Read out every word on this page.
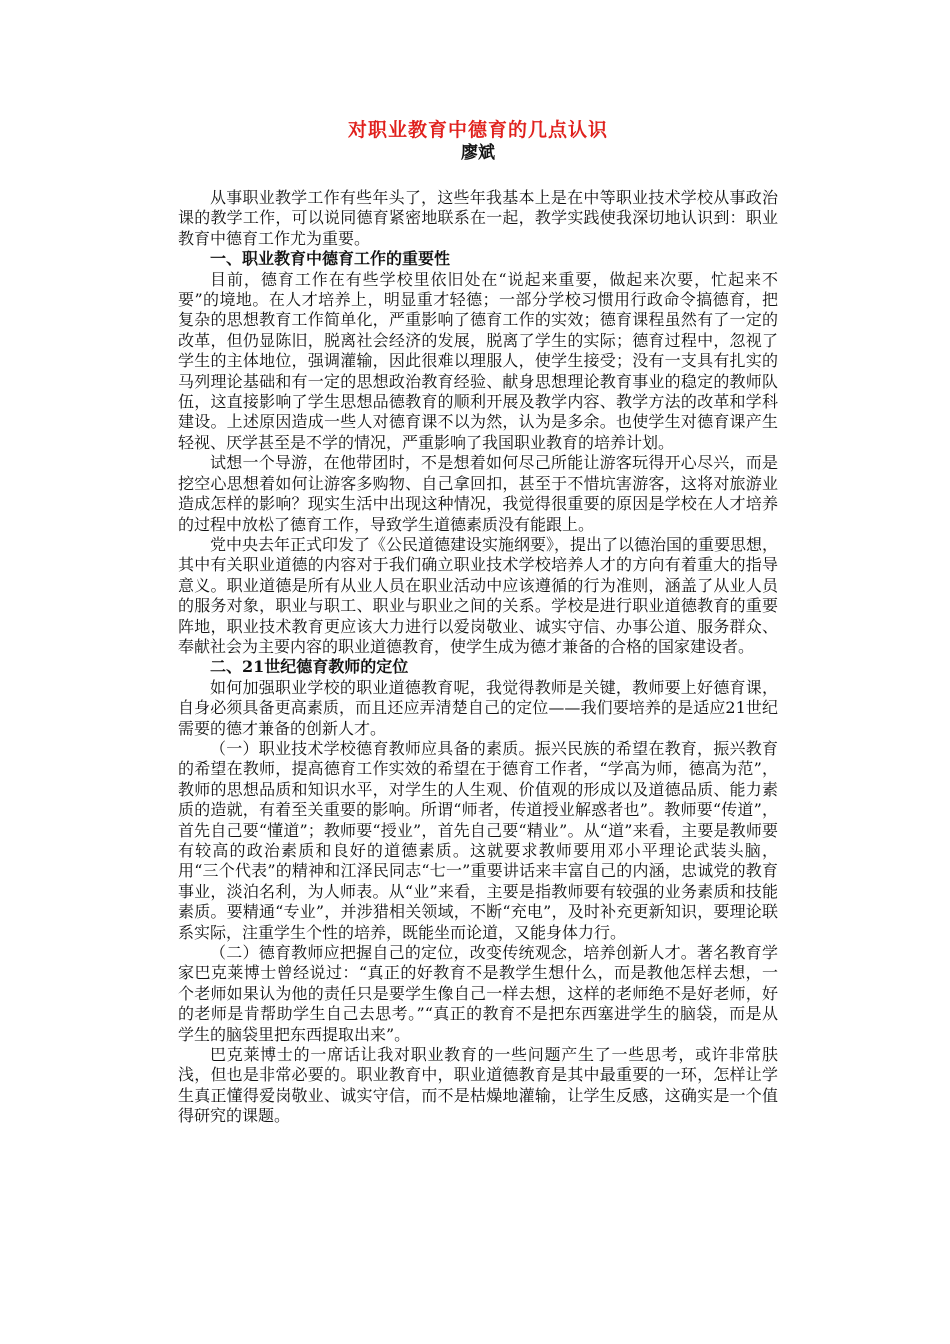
对职业教育中德育的几点认识
廖斌

从事职业教学工作有些年头了，这些年我基本上是在中等职业技术学校从事政治课的教学工作，可以说同德育紧密地联系在一起，教学实践使我深切地认识到：职业教育中德育工作尤为重要。

一、职业教育中德育工作的重要性

目前，德育工作在有些学校里依旧处在“说起来重要，做起来次要，忙起来不要”的境地。在人才培养上，明显重才轻德；一部分学校习惯用行政命令搞德育，把复杂的思想教育工作简单化，严重影响了德育工作的实效；德育课程虽然有了一定的改革，但仍显陈旧，脱离社会经济的发展，脱离了学生的实际；德育过程中，忽视了学生的主体地位，强调灌输，因此很难以理服人，使学生接受；没有一支具有扎实的马列理论基础和有一定的思想政治教育经验、献身思想理论教育事业的稳定的教师队伍，这直接影响了学生思想品德教育的顺利开展及教学内容、教学方法的改革和学科建设。上述原因造成一些人对德育课不以为然，认为是多余。也使学生对德育课产生轻视、厌学甚至是不学的情况，严重影响了我国职业教育的培养计划。

试想一个导游，在他带团时，不是想着如何尽己所能让游客玩得开心尽兴，而是挖空心思想着如何让游客多购物、自己拿回扣，甚至于不惜坑害游客，这将对旅游业造成怎样的影响？现实生活中出现这种情况，我觉得很重要的原因是学校在人才培养的过程中放松了德育工作，导致学生道德素质没有能跟上。

党中央去年正式印发了《公民道德建设实施纲要》，提出了以德治国的重要思想，其中有关职业道德的内容对于我们确立职业技术学校培养人才的方向有着重大的指导意义。职业道德是所有从业人员在职业活动中应该遵循的行为准则，涵盖了从业人员的服务对象，职业与职工、职业与职业之间的关系。学校是进行职业道德教育的重要阵地，职业技术教育更应该大力进行以爱岗敬业、诚实守信、办事公道、服务群众、奉献社会为主要内容的职业道德教育，使学生成为德才兼备的合格的国家建设者。

二、21世纪德育教师的定位

如何加强职业学校的职业道德教育呢，我觉得教师是关键，教师要上好德育课，自身必须具备更高素质，而且还应弄清楚自己的定位——我们要培养的是适应21世纪需要的德才兼备的创新人才。

（一）职业技术学校德育教师应具备的素质。振兴民族的希望在教育，振兴教育的希望在教师，提高德育工作实效的希望在于德育工作者，“学高为师，德高为范”，教师的思想品质和知识水平，对学生的人生观、价值观的形成以及道德品质、能力素质的造就，有着至关重要的影响。所谓“师者，传道授业解惑者也”。教师要“传道”，首先自己要“懂道”；教师要“授业”，首先自己要“精业”。从“道”来看，主要是教师要有较高的政治素质和良好的道德素质。这就要求教师要用邓小平理论武装头脑，用“三个代表”的精神和江泽民同志“七一”重要讲话来丰富自己的内涵，忠诚党的教育事业，淡泊名利，为人师表。从“业”来看，主要是指教师要有较强的业务素质和技能素质。要精通“专业”，并涉猎相关领域，不断“充电”，及时补充更新知识，要理论联系实际，注重学生个性的培养，既能坐而论道，又能身体力行。

（二）德育教师应把握自己的定位，改变传统观念，培养创新人才。著名教育学家巴克莱博士曾经说过：“真正的好教育不是教学生想什么，而是教他怎样去想，一个老师如果认为他的责任只是要学生像自己一样去想，这样的老师绝不是好老师，好的老师是肯帮助学生自己去思考。”“真正的教育不是把东西塞进学生的脑袋，而是从学生的脑袋里把东西提取出来”。

巴克莱博士的一席话让我对职业教育的一些问题产生了一些思考，或许非常肤浅，但也是非常必要的。职业教育中，职业道德教育是其中最重要的一环，怎样让学生真正懂得爱岗敬业、诚实守信，而不是枯燥地灌输，让学生反感，这确实是一个值得研究的课题。
